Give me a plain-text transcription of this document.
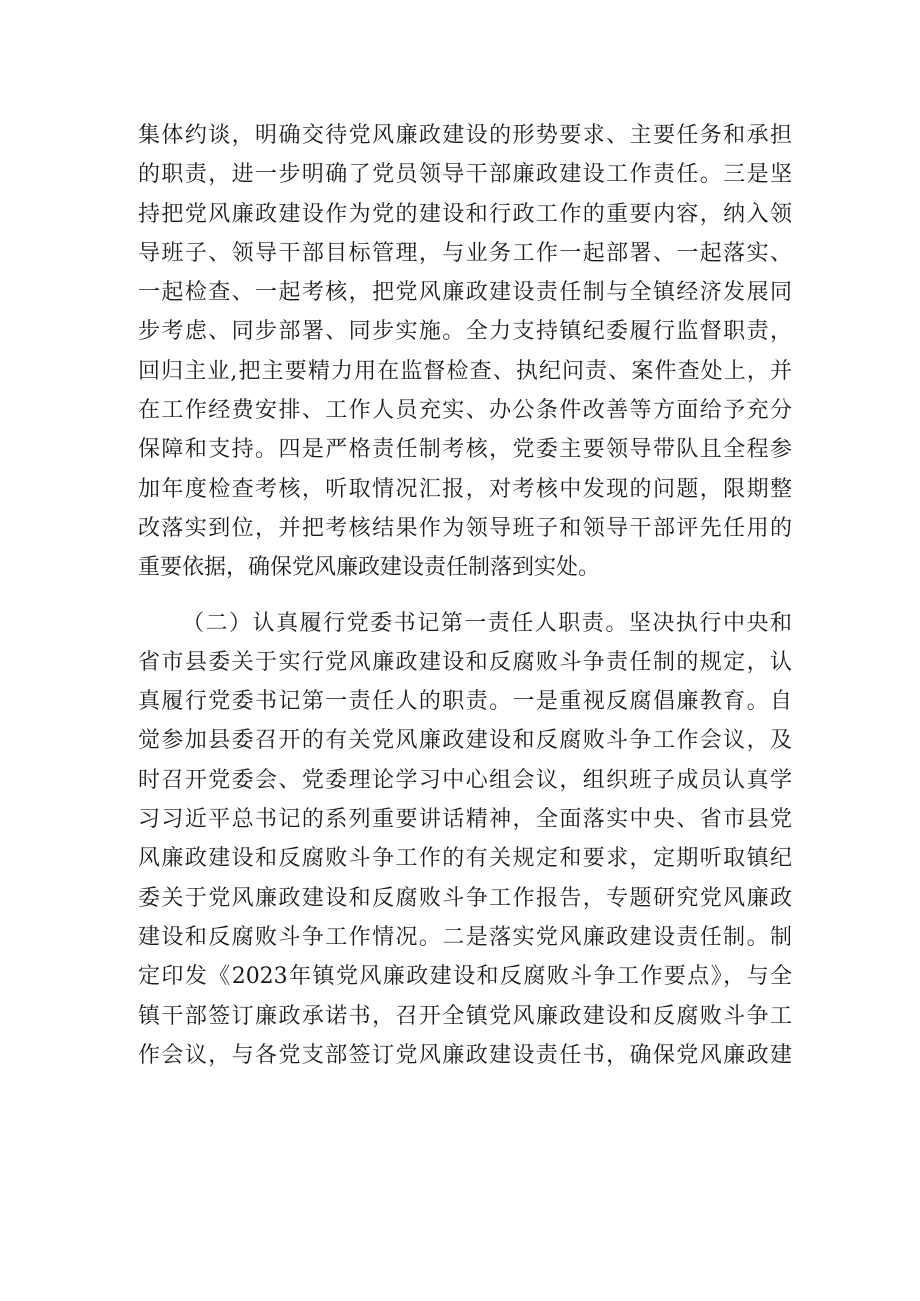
集体约谈，明确交待党风廉政建设的形势要求、主要任务和承担
的职责，进一步明确了党员领导干部廉政建设工作责任。三是坚
持把党风廉政建设作为党的建设和行政工作的重要内容，纳入领
导班子、领导干部目标管理，与业务工作一起部署、一起落实、
一起检查、一起考核，把党风廉政建设责任制与全镇经济发展同
步考虑、同步部署、同步实施。全力支持镇纪委履行监督职责，
回归主业,把主要精力用在监督检查、执纪问责、案件查处上，并
在工作经费安排、工作人员充实、办公条件改善等方面给予充分
保障和支持。四是严格责任制考核，党委主要领导带队且全程参
加年度检查考核，听取情况汇报，对考核中发现的问题，限期整
改落实到位，并把考核结果作为领导班子和领导干部评先任用的
重要依据，确保党风廉政建设责任制落到实处。
（二）认真履行党委书记第一责任人职责。坚决执行中央和
省市县委关于实行党风廉政建设和反腐败斗争责任制的规定，认
真履行党委书记第一责任人的职责。一是重视反腐倡廉教育。自
觉参加县委召开的有关党风廉政建设和反腐败斗争工作会议，及
时召开党委会、党委理论学习中心组会议，组织班子成员认真学
习习近平总书记的系列重要讲话精神，全面落实中央、省市县党
风廉政建设和反腐败斗争工作的有关规定和要求，定期听取镇纪
委关于党风廉政建设和反腐败斗争工作报告，专题研究党风廉政
建设和反腐败斗争工作情况。二是落实党风廉政建设责任制。制
定印发《2023年镇党风廉政建设和反腐败斗争工作要点》，与全
镇干部签订廉政承诺书，召开全镇党风廉政建设和反腐败斗争工
作会议，与各党支部签订党风廉政建设责任书，确保党风廉政建
